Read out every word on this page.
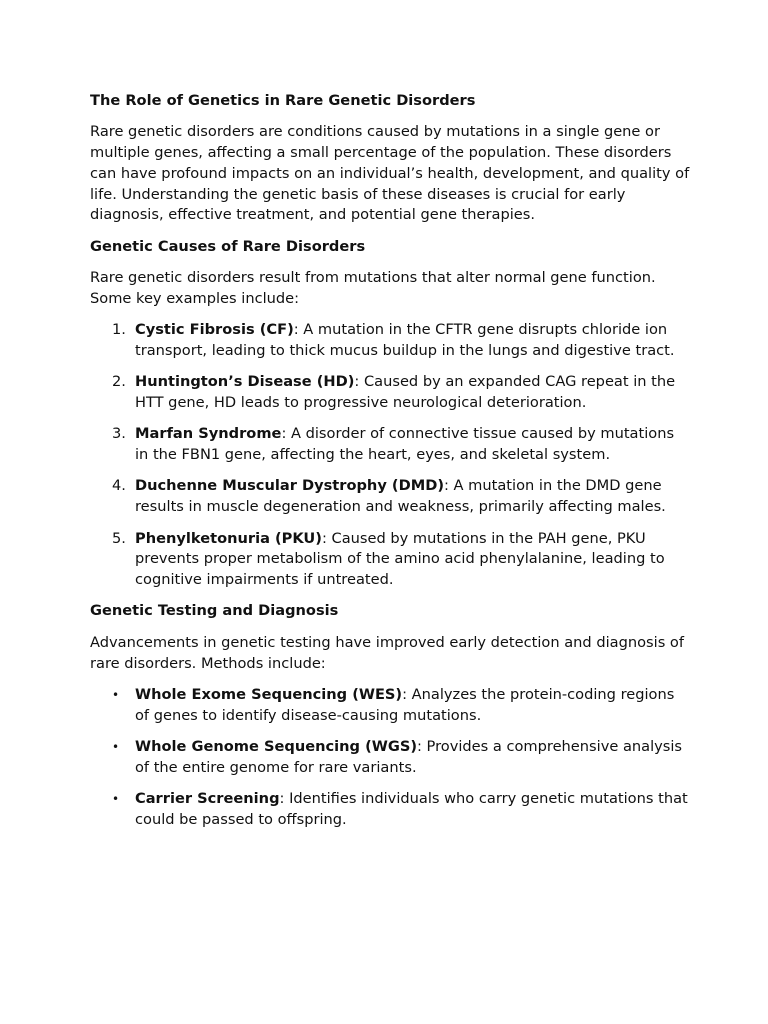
The Role of Genetics in Rare Genetic Disorders

Rare genetic disorders are conditions caused by mutations in a single gene or multiple genes, affecting a small percentage of the population. These disorders can have profound impacts on an individual’s health, development, and quality of life. Understanding the genetic basis of these diseases is crucial for early diagnosis, effective treatment, and potential gene therapies.

Genetic Causes of Rare Disorders

Rare genetic disorders result from mutations that alter normal gene function. Some key examples include:

1. Cystic Fibrosis (CF): A mutation in the CFTR gene disrupts chloride ion transport, leading to thick mucus buildup in the lungs and digestive tract.
2. Huntington’s Disease (HD): Caused by an expanded CAG repeat in the HTT gene, HD leads to progressive neurological deterioration.
3. Marfan Syndrome: A disorder of connective tissue caused by mutations in the FBN1 gene, affecting the heart, eyes, and skeletal system.
4. Duchenne Muscular Dystrophy (DMD): A mutation in the DMD gene results in muscle degeneration and weakness, primarily affecting males.
5. Phenylketonuria (PKU): Caused by mutations in the PAH gene, PKU prevents proper metabolism of the amino acid phenylalanine, leading to cognitive impairments if untreated.
Genetic Testing and Diagnosis

Advancements in genetic testing have improved early detection and diagnosis of rare disorders. Methods include:

•	Whole Exome Sequencing (WES): Analyzes the protein-coding regions of genes to identify disease-causing mutations.
•	Whole Genome Sequencing (WGS): Provides a comprehensive analysis of the entire genome for rare variants.
•	Carrier Screening: Identifies individuals who carry genetic mutations that could be passed to offspring.
